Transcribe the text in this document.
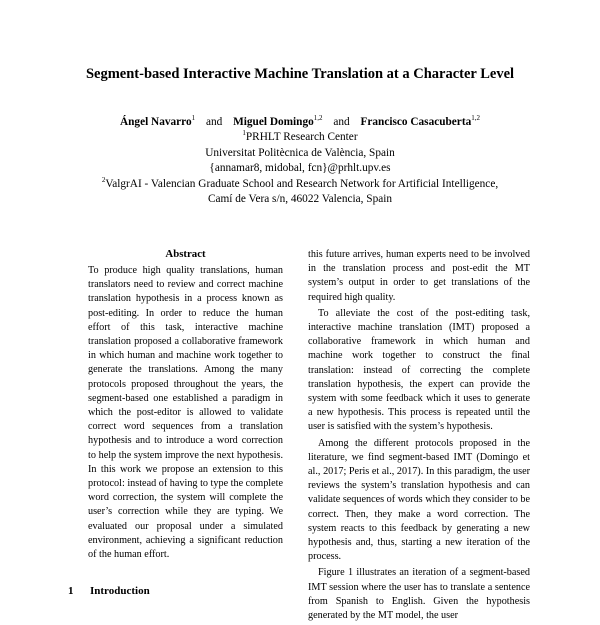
Segment-based Interactive Machine Translation at a Character Level
Ángel Navarro$^1$ and Miguel Domingo$^{1,2}$ and Francisco Casacuberta$^{1,2}$
$^1$PRHLT Research Center
Universitat Politècnica de València, Spain
{annamar8, midobal, fcn}@prhlt.upv.es
$^2$ValgrAI - Valencian Graduate School and Research Network for Artificial Intelligence,
Camí de Vera s/n, 46022 Valencia, Spain
Abstract

To produce high quality translations, human translators need to review and correct machine translation hypothesis in a process known as post-editing. In order to reduce the human effort of this task, interactive machine translation proposed a collaborative framework in which human and machine work together to generate the translations. Among the many protocols proposed throughout the years, the segment-based one established a paradigm in which the post-editor is allowed to validate correct word sequences from a translation hypothesis and to introduce a word correction to help the system improve the next hypothesis. In this work we propose an extension to this protocol: instead of having to type the complete word correction, the system will complete the user’s correction while they are typing. We evaluated our proposal under a simulated environment, achieving a significant reduction of the human effort.

1 Introduction

this future arrives, human experts need to be involved in the translation process and post-edit the MT system’s output in order to get translations of the required high quality.

To alleviate the cost of the post-editing task, interactive machine translation (IMT) proposed a collaborative framework in which human and machine work together to construct the final translation: instead of correcting the complete translation hypothesis, the expert can provide the system with some feedback which it uses to generate a new hypothesis. This process is repeated until the user is satisfied with the system’s hypothesis.

Among the different protocols proposed in the literature, we find segment-based IMT (Domingo et al., 2017; Peris et al., 2017). In this paradigm, the user reviews the system’s translation hypothesis and can validate sequences of words which they consider to be correct. Then, they make a word correction. The system reacts to this feedback by generating a new hypothesis and, thus, starting a new iteration of the process.

Figure 1 illustrates an iteration of a segment-based IMT session where the user has to translate a sentence from Spanish to English. Given the hypothesis generated by the MT model, the user
